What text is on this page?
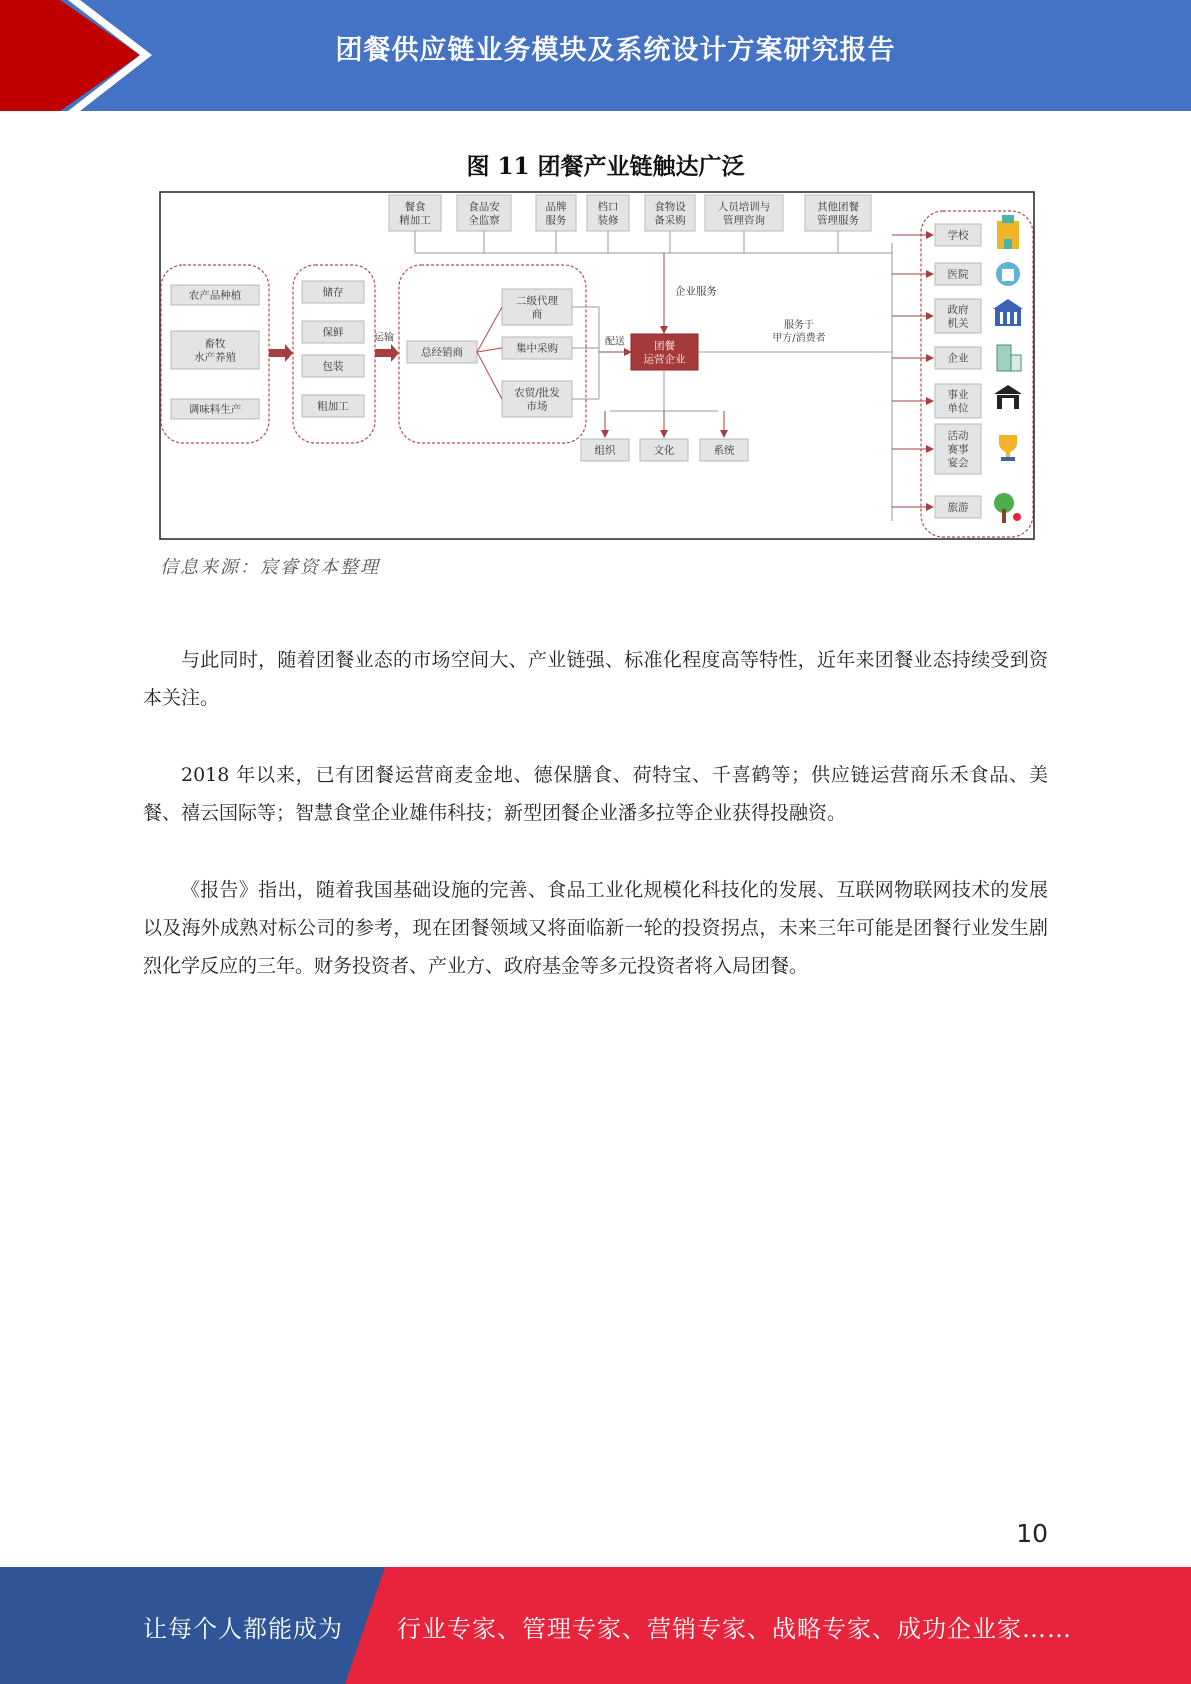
团餐供应链业务模块及系统设计方案研究报告
图 11 团餐产业链触达广泛
餐食
精加工
食品安
全监察
品牌
服务
档口
装修
食物设
备采购
人员培训与
管理咨询
其他团餐
管理服务
企业服务
农产品种植
畜牧
水产养殖
调味料生产
储存
保鲜
包装
粗加工
运输
总经销商
二级代理
商
集中采购
农贸/批发
市场
配送	团餐
运营企业
组织	文化	系统
服务于
甲方/消费者
学校
医院
政府
机关
企业
事业
单位
活动
赛事
宴会
旅游
信息来源：宸睿资本整理
与此同时，随着团餐业态的市场空间大、产业链强、标准化程度高等特性，近年来团餐业态持续受到资本关注。
2018 年以来，已有团餐运营商麦金地、德保膳食、荷特宝、千喜鹤等；供应链运营商乐禾食品、美餐、禧云国际等；智慧食堂企业雄伟科技；新型团餐企业潘多拉等企业获得投融资。
《报告》指出，随着我国基础设施的完善、食品工业化规模化科技化的发展、互联网物联网技术的发展以及海外成熟对标公司的参考，现在团餐领域又将面临新一轮的投资拐点，未来三年可能是团餐行业发生剧烈化学反应的三年。财务投资者、产业方、政府基金等多元投资者将入局团餐。
10
让每个人都能成为 行业专家、管理专家、营销专家、战略专家、成功企业家……
